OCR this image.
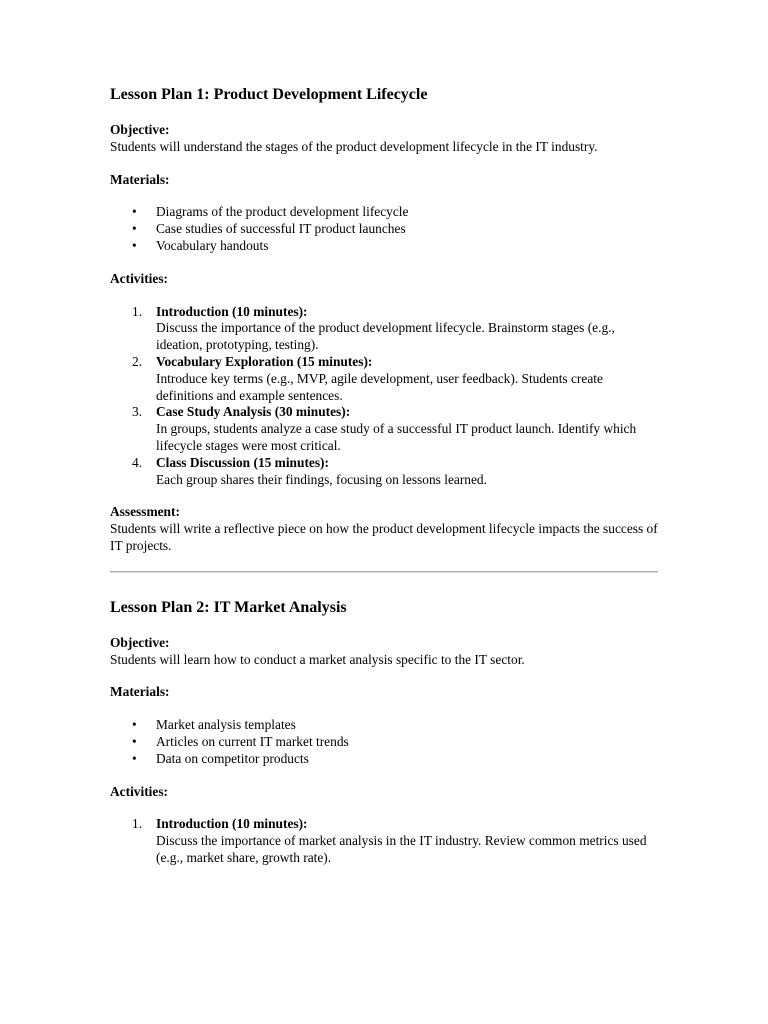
Lesson Plan 1: Product Development Lifecycle

Objective:

Students will understand the stages of the product development lifecycle in the IT industry.

Materials:

• Diagrams of the product development lifecycle
• Case studies of successful IT product launches
• Vocabulary handouts

Activities:

1. Introduction (10 minutes):
Discuss the importance of the product development lifecycle. Brainstorm stages (e.g., ideation, prototyping, testing).
2. Vocabulary Exploration (15 minutes):
Introduce key terms (e.g., MVP, agile development, user feedback). Students create definitions and example sentences.
3. Case Study Analysis (30 minutes):
In groups, students analyze a case study of a successful IT product launch. Identify which lifecycle stages were most critical.
4. Class Discussion (15 minutes):
Each group shares their findings, focusing on lessons learned.

Assessment:

Students will write a reflective piece on how the product development lifecycle impacts the success of IT projects.

Lesson Plan 2: IT Market Analysis

Objective:

Students will learn how to conduct a market analysis specific to the IT sector.

Materials:

• Market analysis templates
• Articles on current IT market trends
• Data on competitor products

Activities:

1. Introduction (10 minutes):
Discuss the importance of market analysis in the IT industry. Review common metrics used (e.g., market share, growth rate).
